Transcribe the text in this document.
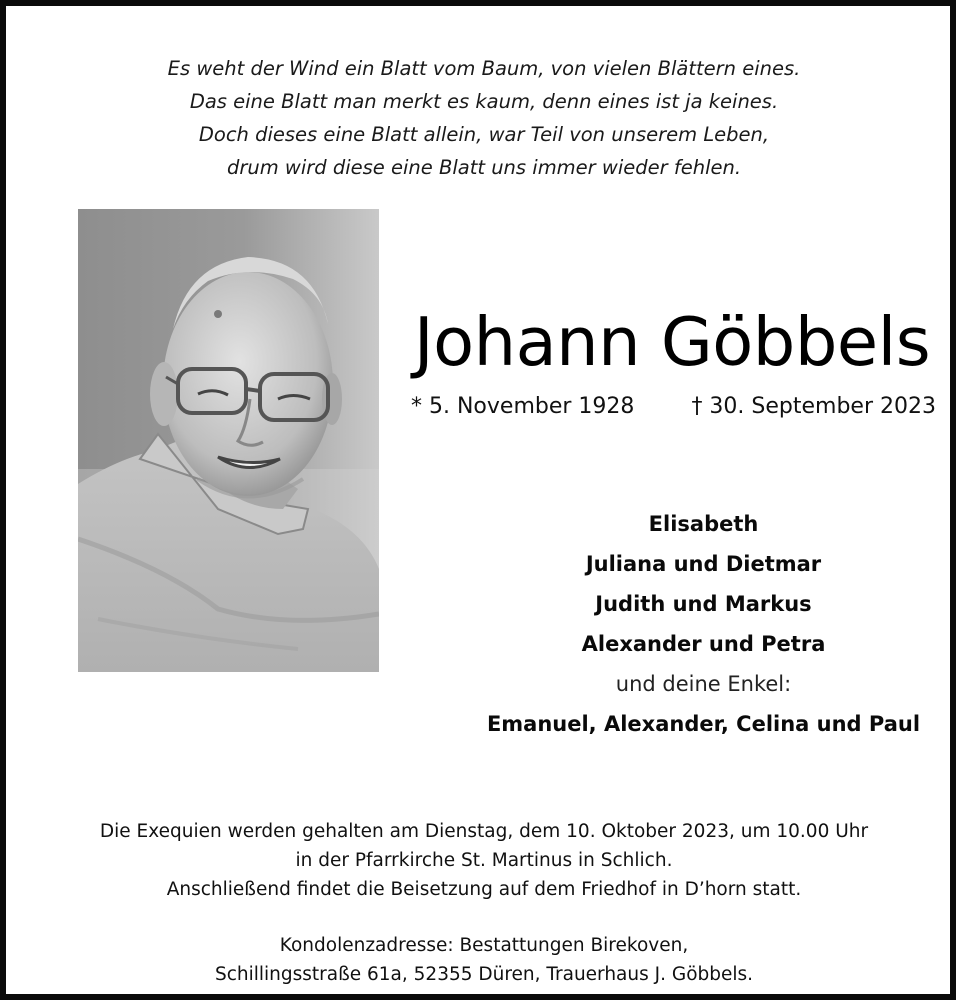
Es weht der Wind ein Blatt vom Baum, von vielen Blättern eines.
Das eine Blatt man merkt es kaum, denn eines ist ja keines.
Doch dieses eine Blatt allein, war Teil von unserem Leben,
drum wird diese eine Blatt uns immer wieder fehlen.
Johann Göbbels
* 5. November 1928	† 30. September 2023
Elisabeth
Juliana und Dietmar
Judith und Markus
Alexander und Petra
und deine Enkel:
Emanuel, Alexander, Celina und Paul
Die Exequien werden gehalten am Dienstag, dem 10. Oktober 2023, um 10.00 Uhr
in der Pfarrkirche St. Martinus in Schlich.
Anschließend findet die Beisetzung auf dem Friedhof in D’horn statt.
Kondolenzadresse: Bestattungen Birekoven,
Schillingsstraße 61a, 52355 Düren, Trauerhaus J. Göbbels.
